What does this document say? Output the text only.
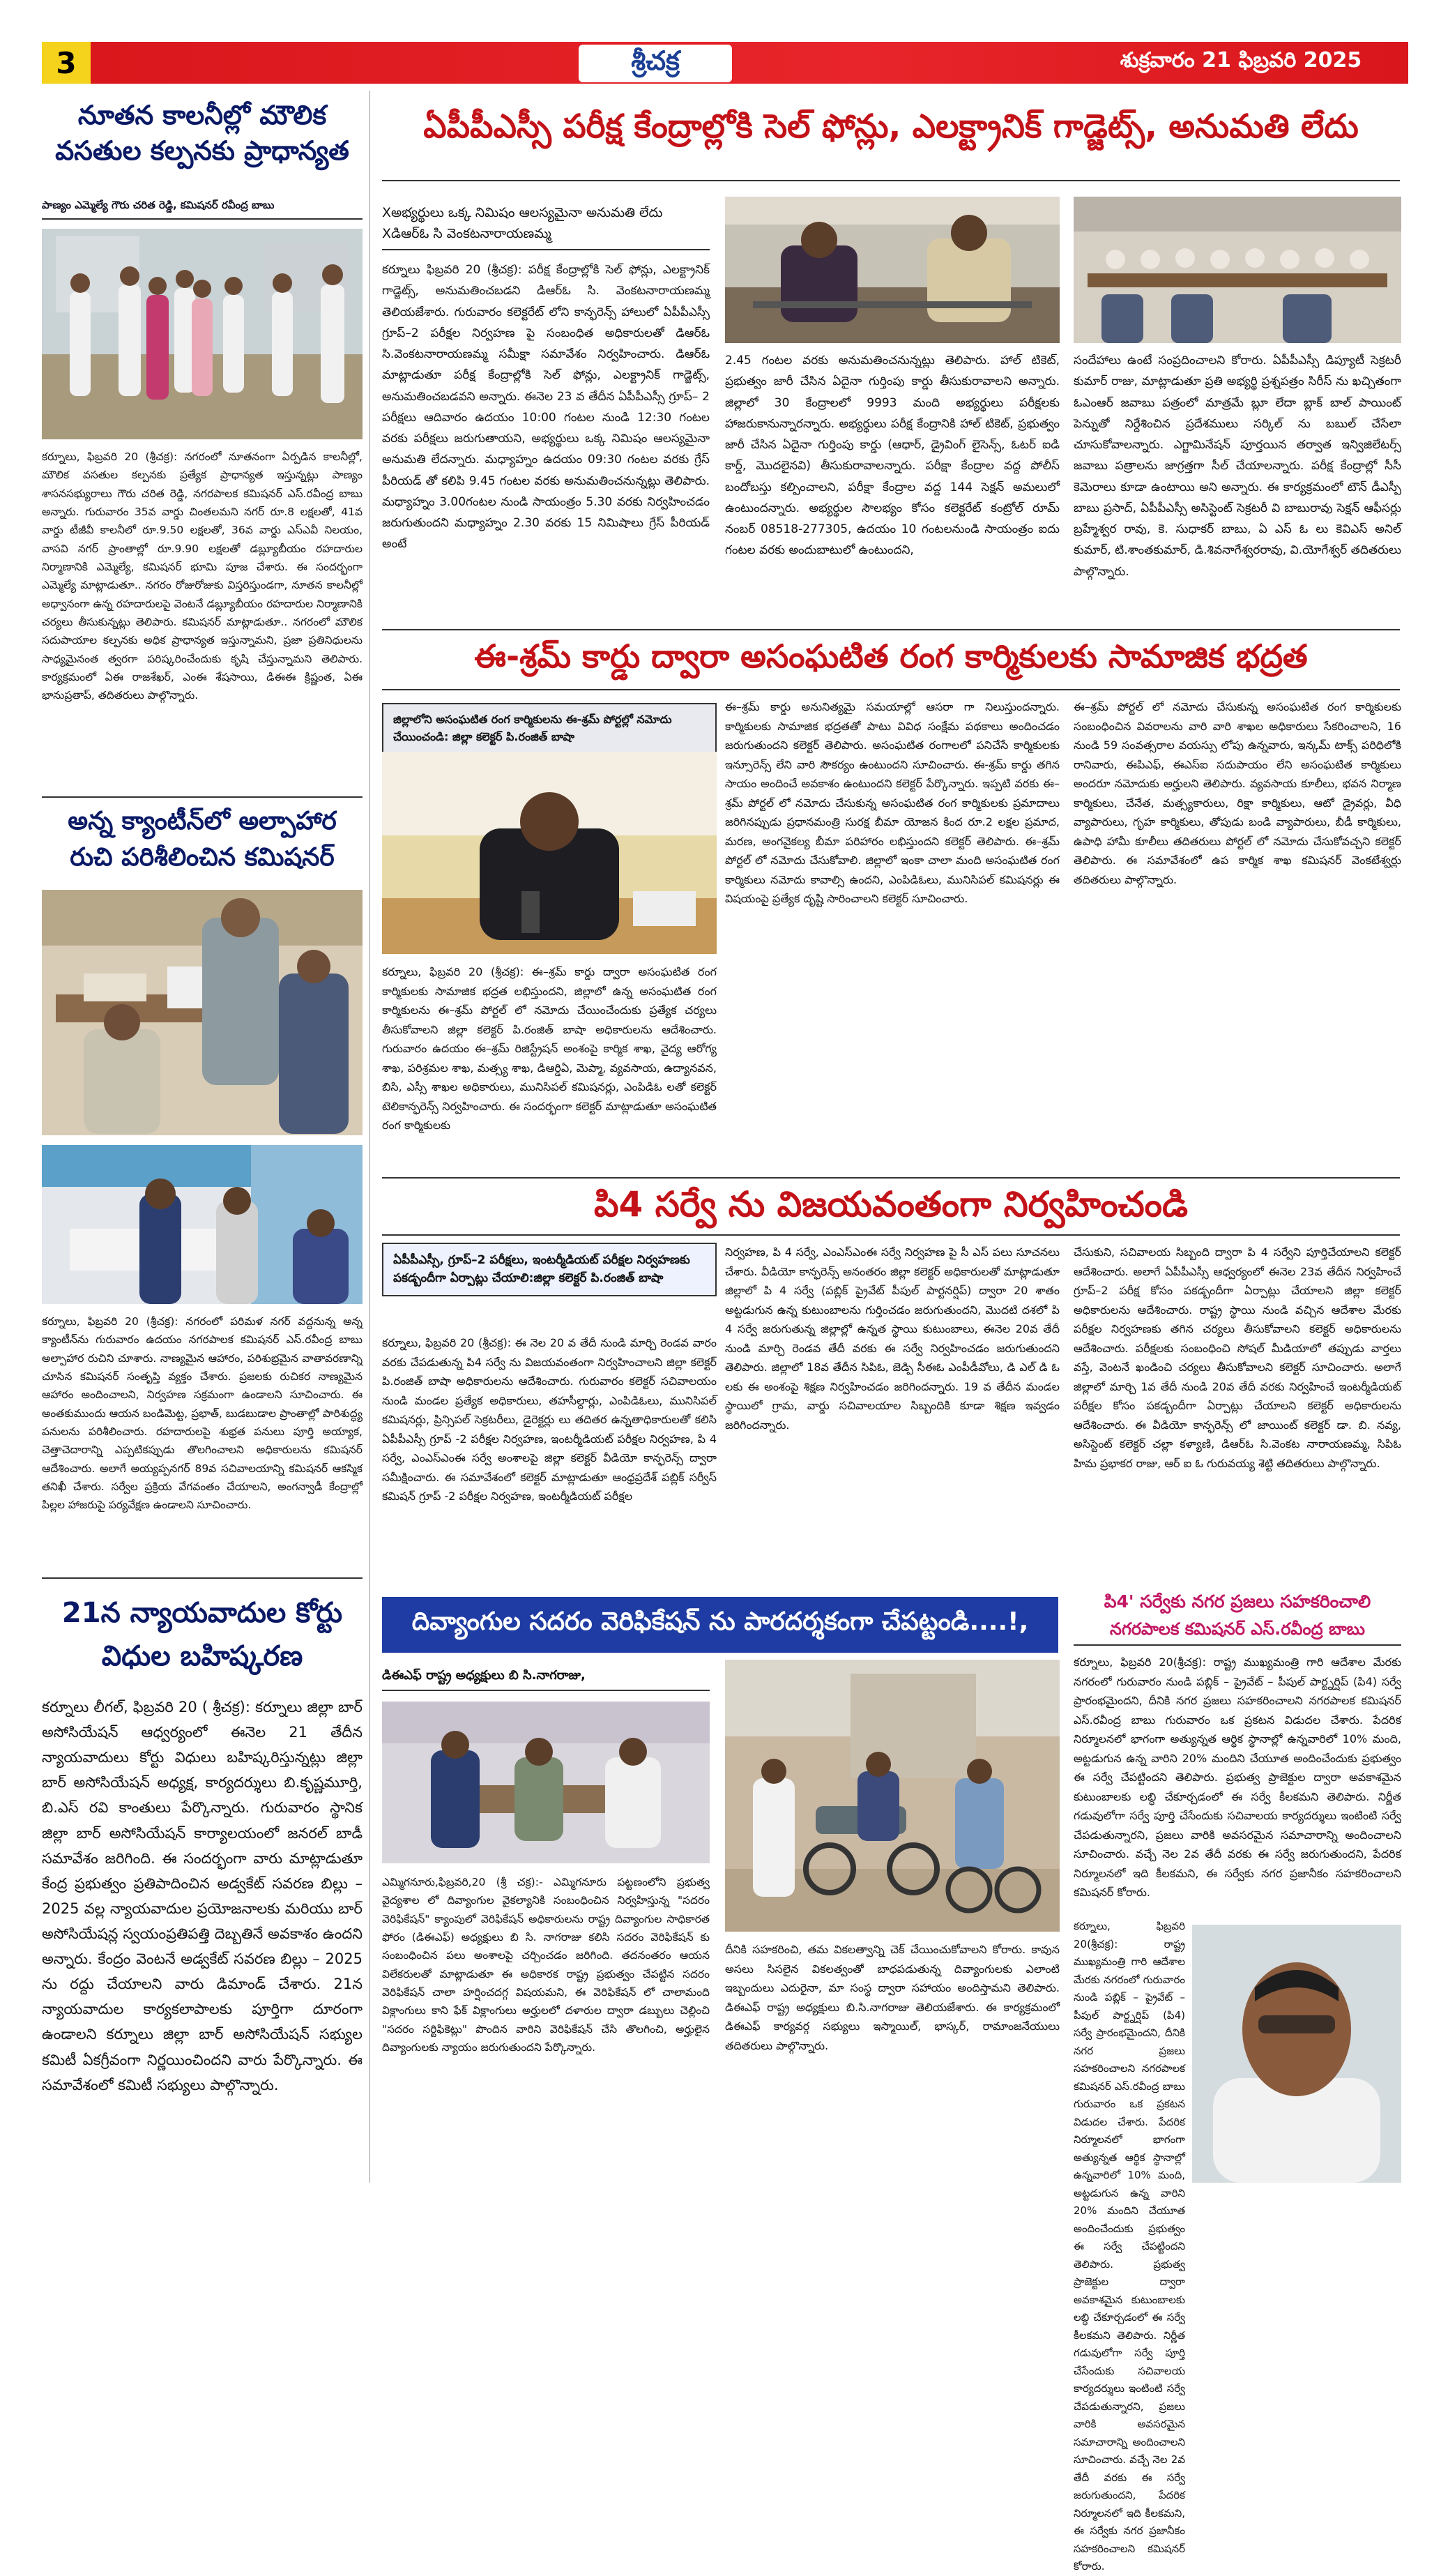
3	శ్రీచక్ర	శుక్రవారం 21 ఫిబ్రవరి 2025
నూతన కాలనీల్లో మౌలిక వసతుల కల్పనకు ప్రాధాన్యత
పాణ్యం ఎమ్మెల్యే గౌరు చరిత రెడ్డి, కమిషనర్ రవీంద్ర బాబు
కర్నూలు, ఫిబ్రవరి 20 (శ్రీచక్ర): నగరంలో నూతనంగా ఏర్పడిన కాలనీల్లో, మౌలిక వసతుల కల్పనకు ప్రత్యేక ప్రాధాన్యత ఇస్తున్నట్లు పాణ్యం శాసనసభ్యురాలు గౌరు చరిత రెడ్డి, నగరపాలక కమిషనర్ ఎస్.రవీంద్ర బాబు అన్నారు. గురువారం 35వ వార్డు చింతలమని నగర్ రూ.8 లక్షలతో, 41వ వార్డు టీజీవీ కాలనీలో రూ.9.50 లక్షలతో, 36వ వార్డు ఎస్ఎవీ నిలయం, వాసవి నగర్ ప్రాంతాల్లో రూ.9.90 లక్షలతో డబ్ల్యూబీయం రహదారుల నిర్మాణానికి ఎమ్మెల్యే, కమిషనర్ భూమి పూజ చేశారు. ఈ సందర్భంగా ఎమ్మెల్యే మాట్లాడుతూ.. నగరం రోజురోజుకు విస్తరిస్తుండగా, నూతన కాలనీల్లో అధ్వానంగా ఉన్న రహదారులపై వెంటనే డబ్ల్యూబీయం రహదారుల నిర్మాణానికి చర్యలు తీసుకున్నట్లు తెలిపారు. కమిషనర్ మాట్లాడుతూ.. నగరంలో మౌలిక సదుపాయాల కల్పనకు అధిక ప్రాధాన్యత ఇస్తున్నామని, ప్రజా ప్రతినిధులను సాధ్యమైనంత త్వరగా పరిష్కరించేందుకు కృషి చేస్తున్నామని తెలిపారు. కార్యక్రమంలో ఏఈ రాజశేఖర్, ఎంఈ శేషసాయి, డిఈఈ క్రిష్ణంత, ఏఈ భానుప్రతాప్, తదితరులు పాల్గొన్నారు.
అన్న క్యాంటీన్‌లో అల్పాహార రుచి పరిశీలించిన కమిషనర్
కర్నూలు, ఫిబ్రవరి 20 (శ్రీచక్ర): నగరంలో పరిమళ నగర్ వద్దనున్న అన్న క్యాంటీన్‌ను గురువారం ఉదయం నగరపాలక కమిషనర్ ఎస్.రవీంద్ర బాబు అల్పాహార రుచిని చూశారు. నాణ్యమైన ఆహారం, పరిశుభ్రమైన వాతావరణాన్ని చూసిన కమిషనర్ సంతృప్తి వ్యక్తం చేశారు. ప్రజలకు రుచికర నాణ్యమైన ఆహారం అందించాలని, నిర్వహణ సక్రమంగా ఉండాలని సూచించారు. ఈ అంతకుముందు ఆయన బండిమెట్ట, ప్రభాత్, బుడబుడాల ప్రాంతాల్లో పారిశుద్ధ్య పనులను పరిశీలించారు. రహదారులపై శుభ్రత పనులు పూర్తి అయ్యాక, చెత్తాచెదారాన్ని ఎప్పటికప్పుడు తొలగించాలని అధికారులను కమిషనర్ ఆదేశించారు. అలాగే అయ్యప్పనగర్ 89వ సచివాలయాన్ని కమిషనర్ ఆకస్మిక తనిఖీ చేశారు. సర్వేల ప్రక్రియ వేగవంతం చేయాలని, అంగన్వాడీ కేంద్రాల్లో పిల్లల హాజరుపై పర్యవేక్షణ ఉండాలని సూచించారు.
21న న్యాయవాదుల కోర్టు విధుల బహిష్కరణ
కర్నూలు లీగల్, ఫిబ్రవరి 20 ( శ్రీచక్ర): కర్నూలు జిల్లా బార్ అసోసియేషన్ ఆధ్వర్యంలో ఈనెల 21 తేదీన న్యాయవాదులు కోర్టు విధులు బహిష్కరిస్తున్నట్లు జిల్లా బార్ అసోసియేషన్ అధ్యక్ష, కార్యదర్శులు బి.కృష్ణమూర్తి, బి.ఎస్ రవి కాంతులు పేర్కొన్నారు. గురువారం స్థానిక జిల్లా బార్ అసోసియేషన్ కార్యాలయంలో జనరల్ బాడీ సమావేశం జరిగింది. ఈ సందర్భంగా వారు మాట్లాడుతూ కేంద్ర ప్రభుత్వం ప్రతిపాదించిన అడ్వకేట్ సవరణ బిల్లు – 2025 వల్ల న్యాయవాదుల ప్రయోజనాలకు మరియు బార్ అసోసియేషన్ల స్వయంప్రతిపత్తి దెబ్బతినే అవకాశం ఉందని అన్నారు. కేంద్రం వెంటనే అడ్వకేట్ సవరణ బిల్లు – 2025 ను రద్దు చేయాలని వారు డిమాండ్ చేశారు. 21న న్యాయవాదుల కార్యకలాపాలకు పూర్తిగా దూరంగా ఉండాలని కర్నూలు జిల్లా బార్ అసోసియేషన్ సభ్యుల కమిటీ ఏకగ్రీవంగా నిర్ణయించిందని వారు పేర్కొన్నారు. ఈ సమావేశంలో కమిటీ సభ్యులు పాల్గొన్నారు.
ఏపీపీఎస్సీ పరీక్ష కేంద్రాల్లోకి సెల్ ఫోన్లు, ఎలక్ట్రానిక్ గాడ్జెట్స్, అనుమతి లేదు
Xఅభ్యర్థులు ఒక్క నిమిషం ఆలస్యమైనా అనుమతి లేదు
Xడిఆర్ఓ సి వెంకటనారాయణమ్మ
కర్నూలు ఫిబ్రవరి 20 (శ్రీచక్ర): పరీక్ష కేంద్రాల్లోకి సెల్ ఫోన్లు, ఎలక్ట్రానిక్ గాడ్జెట్స్, అనుమతించబడని డిఆర్ఓ సి. వెంకటనారాయణమ్మ తెలియజేశారు. గురువారం కలెక్టరేట్ లోని కాన్ఫరెన్స్ హాలులో ఏపీపీఎస్సీ గ్రూప్–2 పరీక్షల నిర్వహణ పై సంబంధిత అధికారులతో డిఆర్ఓ సి.వెంకటనారాయణమ్మ సమీక్షా సమావేశం నిర్వహించారు. డిఆర్ఓ మాట్లాడుతూ పరీక్ష కేంద్రాల్లోకి సెల్ ఫోన్లు, ఎలక్ట్రానిక్ గాడ్జెట్స్, అనుమతించబడవని అన్నారు. ఈనెల 23 వ తేదీన ఏపీపీఎస్సీ గ్రూప్– 2 పరీక్షలు ఆదివారం ఉదయం 10:00 గంటల నుండి 12:30 గంటల వరకు పరీక్షలు జరుగుతాయని, అభ్యర్థులు ఒక్క నిమిషం ఆలస్యమైనా అనుమతి లేదన్నారు. మధ్యాహ్నం ఉదయం 09:30 గంటల వరకు గ్రేస్ పీరియడ్ తో కలిపి 9.45 గంటల వరకు అనుమతించనున్నట్లు తెలిపారు. మధ్యాహ్నం 3.00గంటల నుండి సాయంత్రం 5.30 వరకు నిర్వహించడం జరుగుతుందని మధ్యాహ్నం 2.30 వరకు 15 నిమిషాలు గ్రేస్ పీరియడ్ అంటే
2.45 గంటల వరకు అనుమతించనున్నట్లు తెలిపారు. హాల్ టికెట్, ప్రభుత్వం జారీ చేసిన ఏదైనా గుర్తింపు కార్డు తీసుకురావాలని అన్నారు. జిల్లాలో 30 కేంద్రాలలో 9993 మంది అభ్యర్థులు పరీక్షలకు హాజరుకానున్నారన్నారు. అభ్యర్థులు పరీక్ష కేంద్రానికి హాల్ టికెట్, ప్రభుత్వం జారీ చేసిన ఏదైనా గుర్తింపు కార్డు (ఆధార్, డ్రైవింగ్ లైసెన్స్, ఓటర్ ఐడి కార్డ్, మొదలైనవి) తీసుకురావాలన్నారు. పరీక్షా కేంద్రాల వద్ద పోలీస్ బందోబస్తు కల్పించాలని, పరీక్షా కేంద్రాల వద్ద 144 సెక్షన్ అమలులో ఉంటుందన్నారు. అభ్యర్థుల సౌలభ్యం కోసం కలెక్టరేట్ కంట్రోల్ రూమ్ నంబర్ 08518-277305, ఉదయం 10 గంటలనుండి సాయంత్రం ఐదు గంటల వరకు అందుబాటులో ఉంటుందని,
సందేహాలు ఉంటే సంప్రదించాలని కోరారు. ఏపీపీఎస్సీ డిప్యూటీ సెక్రటరీ కుమార్ రాజు, మాట్లాడుతూ ప్రతి అభ్యర్థి ప్రశ్నపత్రం సిరీస్ ను ఖచ్చితంగా ఓఎంఆర్ జవాబు పత్రంలో మాత్రమే బ్లూ లేదా బ్లాక్ బాల్ పాయింట్ పెన్నుతో నిర్దేశించిన ప్రదేశములు సర్కిల్ ను బబుల్ చేసేలా చూసుకోవాలన్నారు. ఎగ్జామినేషన్ పూర్తయిన తర్వాత ఇన్విజిలేటర్స్ జవాబు పత్రాలను జాగ్రత్తగా సీల్ చేయాలన్నారు. పరీక్ష కేంద్రాల్లో సీసీ కెమెరాలు కూడా ఉంటాయి అని అన్నారు. ఈ కార్యక్రమంలో టౌన్ డీఎస్పీ బాబు ప్రసాద్, ఏపీపీఎస్సీ అసిస్టెంట్ సెక్రటరీ వి బాబురావు సెక్షన్ ఆఫీసర్లు బ్రహ్మేశ్వర రావు, కె. సుధాకర్ బాబు, ఏ ఎస్ ఓ లు కెవిఎస్ అనిల్ కుమార్, టి.శాంతకుమార్, డి.శివనాగేశ్వరరావు, వి.యోగేశ్వర్ తదితరులు పాల్గొన్నారు.
ఈ-శ్రమ్ కార్డు ద్వారా అసంఘటిత రంగ కార్మికులకు సామాజిక భద్రత
జిల్లాలోని అసంఘటిత రంగ కార్మికులను ఈ-శ్రమ్ పోర్టల్లో నమోదు చేయించండి: జిల్లా కలెక్టర్ పి.రంజిత్ బాషా
కర్నూలు, ఫిబ్రవరి 20 (శ్రీచక్ర): ఈ–శ్రమ్ కార్డు ద్వారా అసంఘటిత రంగ కార్మికులకు సామాజిక భద్రత లభిస్తుందని, జిల్లాలో ఉన్న అసంఘటిత రంగ కార్మికులను ఈ–శ్రమ్ పోర్టల్ లో నమోదు చేయించేందుకు ప్రత్యేక చర్యలు తీసుకోవాలని జిల్లా కలెక్టర్ పి.రంజిత్ బాషా అధికారులను ఆదేశించారు. గురువారం ఉదయం ఈ–శ్రమ్ రిజిస్ట్రేషన్ అంశంపై కార్మిక శాఖ, వైద్య ఆరోగ్య శాఖ, పరిశ్రమల శాఖ, మత్స్య శాఖ, డిఆర్డిఏ, మెప్మా, వ్యవసాయ, ఉద్యానవన, బిసి, ఎస్సీ శాఖల అధికారులు, మునిసిపల్ కమిషనర్లు, ఎంపిడిఓ లతో కలెక్టర్ టెలికాన్ఫరెన్స్ నిర్వహించారు. ఈ సందర్భంగా కలెక్టర్ మాట్లాడుతూ అసంఘటిత రంగ కార్మికులకు
ఈ–శ్రమ్ కార్డు అనునిత్యమై సమయాల్లో ఆసరా గా నిలుస్తుందన్నారు. కార్మికులకు సామాజిక భద్రతతో పాటు వివిధ సంక్షేమ పథకాలు అందించడం జరుగుతుందని కలెక్టర్ తెలిపారు. అసంఘటిత రంగాలలో పనిచేసే కార్మికులకు ఇన్సూరెన్స్ లేని వారి సౌకర్యం ఉంటుందని సూచించారు. ఈ-శ్రమ్ కార్డు తగిన సాయం అందించే అవకాశం ఉంటుందని కలెక్టర్ పేర్కొన్నారు. ఇప్పటి వరకు ఈ–శ్రమ్ పోర్టల్ లో నమోదు చేసుకున్న అసంఘటిత రంగ కార్మికులకు ప్రమాదాలు జరిగినప్పుడు ప్రధానమంత్రి సురక్ష బీమా యోజన కింద రూ.2 లక్షల ప్రమాద, మరణ, అంగవైకల్య బీమా పరిహారం లభిస్తుందని కలెక్టర్ తెలిపారు. ఈ–శ్రమ్ పోర్టల్ లో నమోదు చేసుకోవాలి. జిల్లాలో ఇంకా చాలా మంది అసంఘటిత రంగ కార్మికులు నమోదు కావాల్సి ఉందని, ఎంపిడిఓలు, మునిసిపల్ కమిషనర్లు ఈ విషయంపై ప్రత్యేక దృష్టి సారించాలని కలెక్టర్ సూచించారు.
ఈ–శ్రమ్ పోర్టల్ లో నమోదు చేసుకున్న అసంఘటిత రంగ కార్మికులకు సంబంధించిన వివరాలను వారి వారి శాఖల అధికారులు సేకరించాలని, 16 నుండి 59 సంవత్సరాల వయస్సు లోపు ఉన్నవారు, ఇన్కమ్ టాక్స్ పరిధిలోకి రానివారు, ఈపిఎఫ్, ఈఎస్ఐ సదుపాయం లేని అసంఘటిత కార్మికులు అందరూ నమోదుకు అర్హులని తెలిపారు. వ్యవసాయ కూలీలు, భవన నిర్మాణ కార్మికులు, చేనేత, మత్స్యకారులు, రిక్షా కార్మికులు, ఆటో డ్రైవర్లు, వీధి వ్యాపారులు, గృహ కార్మికులు, తోపుడు బండి వ్యాపారులు, బీడీ కార్మికులు, ఉపాధి హామీ కూలీలు తదితరులు పోర్టల్ లో నమోదు చేసుకోవచ్చని కలెక్టర్ తెలిపారు. ఈ సమావేశంలో ఉప కార్మిక శాఖ కమిషనర్ వెంకటేశ్వర్లు తదితరులు పాల్గొన్నారు.
పి4 సర్వే ను విజయవంతంగా నిర్వహించండి
ఏపీపీఎస్సీ, గ్రూప్–2 పరీక్షలు, ఇంటర్మీడియట్ పరీక్షల నిర్వహణకు పకడ్బందీగా ఏర్పాట్లు చేయాలి:జిల్లా కలెక్టర్ పి.రంజిత్ బాషా
కర్నూలు, ఫిబ్రవరి 20 (శ్రీచక్ర): ఈ నెల 20 వ తేదీ నుండి మార్చి రెండవ వారం వరకు చేపడుతున్న పి4 సర్వే ను విజయవంతంగా నిర్వహించాలని జిల్లా కలెక్టర్ పి.రంజిత్ బాషా అధికారులను ఆదేశించారు. గురువారం కలెక్టర్ సచివాలయం నుండి మండల ప్రత్యేక అధికారులు, తహసీల్దార్లు, ఎంపిడిఓలు, మునిసిపల్ కమిషనర్లు, ప్రిన్సిపల్ సెక్రటరీలు, డైరెక్టర్లు లు తదితర ఉన్నతాధికారులతో కలిసి ఏపీపీఎస్సీ గ్రూప్ -2 పరీక్షల నిర్వహణ, ఇంటర్మీడియట్ పరీక్షల నిర్వహణ, పి 4 సర్వే, ఎంఎస్ఎంఈ సర్వే అంశాలపై జిల్లా కలెక్టర్ వీడియో కాన్ఫరెన్స్ ద్వారా సమీక్షించారు. ఈ సమావేశంలో కలెక్టర్ మాట్లాడుతూ ఆంధ్రప్రదేశ్ పబ్లిక్ సర్వీస్ కమిషన్ గ్రూప్ -2 పరీక్షల నిర్వహణ, ఇంటర్మీడియట్ పరీక్షల
నిర్వహణ, పి 4 సర్వే, ఎంఎస్ఎంఈ సర్వే నిర్వహణ పై సీ ఎస్ పలు సూచనలు చేశారు. వీడియో కాన్ఫరెన్స్ అనంతరం జిల్లా కలెక్టర్ అధికారులతో మాట్లాడుతూ జిల్లాలో పి 4 సర్వే (పబ్లిక్ ప్రైవేట్ పీపుల్ పార్టనర్షిప్) ద్వారా 20 శాతం అట్టడుగున ఉన్న కుటుంబాలను గుర్తించడం జరుగుతుందని, మొదటి దశలో పి 4 సర్వే జరుగుతున్న జిల్లాల్లో ఉన్నత స్థాయి కుటుంబాలు, ఈనెల 20వ తేదీ నుండి మార్చి రెండవ తేదీ వరకు ఈ సర్వే నిర్వహించడం జరుగుతుందని తెలిపారు. జిల్లాలో 18వ తేదీన సిపిఓ, జెడ్పి సీఈఓ ఎంపీడీవోలు, డి ఎల్ డి ఓ లకు ఈ అంశంపై శిక్షణ నిర్వహించడం జరిగిందన్నారు. 19 వ తేదీన మండల స్థాయిలో గ్రామ, వార్డు సచివాలయాల సిబ్బందికి కూడా శిక్షణ ఇవ్వడం జరిగిందన్నారు.
చేసుకుని, సచివాలయ సిబ్బంది ద్వారా పి 4 సర్వేని పూర్తిచేయాలని కలెక్టర్ ఆదేశించారు. అలాగే ఏపీపీఎస్సీ ఆధ్వర్యంలో ఈనెల 23వ తేదీన నిర్వహించే గ్రూప్–2 పరీక్ష కోసం పకడ్బందీగా ఏర్పాట్లు చేయాలని జిల్లా కలెక్టర్ అధికారులను ఆదేశించారు. రాష్ట్ర స్థాయి నుండి వచ్చిన ఆదేశాల మేరకు పరీక్షల నిర్వహణకు తగిన చర్యలు తీసుకోవాలని కలెక్టర్ అధికారులను ఆదేశించారు. పరీక్షలకు సంబంధించి సోషల్ మీడియాలో తప్పుడు వార్తలు వస్తే, వెంటనే ఖండించి చర్యలు తీసుకోవాలని కలెక్టర్ సూచించారు. అలాగే జిల్లాలో మార్చి 1వ తేదీ నుండి 20వ తేదీ వరకు నిర్వహించే ఇంటర్మీడియట్ పరీక్షల కోసం పకడ్బందీగా ఏర్పాట్లు చేయాలని కలెక్టర్ అధికారులను ఆదేశించారు. ఈ వీడియో కాన్ఫరెన్స్ లో జాయింట్ కలెక్టర్ డా. బి. నవ్య, అసిస్టెంట్ కలెక్టర్ చల్లా కళ్యాణి, డిఆర్ఓ సి.వెంకట నారాయణమ్మ, సిపిఓ హిమ ప్రభాకర రాజు, ఆర్ ఐ ఓ గురువయ్య శెట్టి తదితరులు పాల్గొన్నారు.
పి4' సర్వేకు నగర ప్రజలు సహకరించాలి
నగరపాలక కమిషనర్ ఎస్.రవీంద్ర బాబు
కర్నూలు, ఫిబ్రవరి 20(శ్రీచక్ర): రాష్ట్ర ముఖ్యమంత్రి గారి ఆదేశాల మేరకు నగరంలో గురువారం నుండి పబ్లిక్ – ప్రైవేట్ – పీపుల్ పార్ట్నర్షిప్ (పి4) సర్వే ప్రారంభమైందని, దీనికి నగర ప్రజలు సహకరించాలని నగరపాలక కమిషనర్ ఎస్.రవీంద్ర బాబు గురువారం ఒక ప్రకటన విడుదల చేశారు. పేదరిక నిర్మూలనలో భాగంగా అత్యున్నత ఆర్థిక స్థానాల్లో ఉన్నవారిలో 10% మంది, అట్టడుగున ఉన్న వారిని 20% మందిని చేయూత అందించేందుకు ప్రభుత్వం ఈ సర్వే చేపట్టిందని తెలిపారు. ప్రభుత్వ ప్రాజెక్టుల ద్వారా అవకాశమైన కుటుంబాలకు లబ్ధి చేకూర్చడంలో ఈ సర్వే కీలకమని తెలిపారు. నిర్ణీత గడువులోగా సర్వే పూర్తి చేసేందుకు సచివాలయ కార్యదర్శులు ఇంటింటి సర్వే చేపడుతున్నారని, ప్రజలు వారికి అవసరమైన సమాచారాన్ని అందించాలని సూచించారు. వచ్చే నెల 2వ తేదీ వరకు ఈ సర్వే జరుగుతుందని, పేదరిక నిర్మూలనలో ఇది కీలకమని, ఈ సర్వేకు నగర ప్రజానీకం సహకరించాలని కమిషనర్ కోరారు.
కర్నూలు, ఫిబ్రవరి 20(శ్రీచక్ర): రాష్ట్ర ముఖ్యమంత్రి గారి ఆదేశాల మేరకు నగరంలో గురువారం నుండి పబ్లిక్ – ప్రైవేట్ – పీపుల్ పార్ట్నర్షిప్ (పి4) సర్వే ప్రారంభమైందని, దీనికి నగర ప్రజలు సహకరించాలని నగరపాలక కమిషనర్ ఎస్.రవీంద్ర బాబు గురువారం ఒక ప్రకటన విడుదల చేశారు. పేదరిక నిర్మూలనలో భాగంగా అత్యున్నత ఆర్థిక స్థానాల్లో ఉన్నవారిలో 10% మంది, అట్టడుగున ఉన్న వారిని 20% మందిని చేయూత అందించేందుకు ప్రభుత్వం ఈ సర్వే చేపట్టిందని తెలిపారు. ప్రభుత్వ ప్రాజెక్టుల ద్వారా అవకాశమైన కుటుంబాలకు లబ్ధి చేకూర్చడంలో ఈ సర్వే కీలకమని తెలిపారు. నిర్ణీత గడువులోగా సర్వే పూర్తి చేసేందుకు సచివాలయ కార్యదర్శులు ఇంటింటి సర్వే చేపడుతున్నారని, ప్రజలు వారికి అవసరమైన సమాచారాన్ని అందించాలని సూచించారు. వచ్చే నెల 2వ తేదీ వరకు ఈ సర్వే జరుగుతుందని, పేదరిక నిర్మూలనలో ఇది కీలకమని, ఈ సర్వేకు నగర ప్రజానీకం సహకరించాలని కమిషనర్ కోరారు.
దివ్యాంగుల సదరం వెరిఫికేషన్ ను పారదర్శకంగా చేపట్టండి....!,
డిఈఎఫ్ రాష్ట్ర అధ్యక్షులు బి సి.నాగరాజు,
ఎమ్మిగనూరు,ఫిబ్రవరి,20 (శ్రీ చక్ర):- ఎమ్మిగనూరు పట్టణంలోని ప్రభుత్వ వైద్యశాల లో దివ్యాంగుల వైకల్యానికి సంబంధించిన నిర్వహిస్తున్న "సదరం వెరిఫికేషన్" క్యాంపులో వెరిఫికేషన్ అధికారులను రాష్ట్ర దివ్యాంగుల సాధికారత ఫోరం (డిఈఎఫ్) అధ్యక్షులు బి సి. నాగరాజు కలిసి సదరం వెరిఫికేషన్ కు సంబంధించిన పలు అంశాలపై చర్చించడం జరిగింది. తదనంతరం ఆయన విలేకరులతో మాట్లాడుతూ ఈ అధికారక రాష్ట్ర ప్రభుత్వం చేపట్టిన సదరం వెరిఫికేషన్ చాలా హర్షించదగ్గ విషయమని, ఈ వెరిఫికేషన్ లో చాలామంది విక్లాంగులు కాని ఫేక్ విక్లాంగులు అర్హులలో దళారుల ద్వారా డబ్బులు చెల్లించి "సదరం సర్టిఫికెట్లు" పొందిన వారిని వెరిఫికేషన్ చేసి తొలగించి, అర్హులైన దివ్యాంగులకు న్యాయం జరుగుతుందని పేర్కొన్నారు.
దీనికి సహకరించి, తమ వికలత్వాన్ని చెక్ చేయించుకోవాలని కోరారు. కావున అసలు సిసలైన వికలత్వంతో బాధపడుతున్న దివ్యాంగులకు ఎలాంటి ఇబ్బందులు ఎదురైనా, మా సంస్థ ద్వారా సహాయం అందిస్తామని తెలిపారు. డిఈఎఫ్ రాష్ట్ర అధ్యక్షులు బి.సి.నాగరాజు తెలియజేశారు. ఈ కార్యక్రమంలో డిఈఎఫ్ కార్యవర్గ సభ్యులు ఇస్మాయిల్, భాస్కర్, రామాంజనేయులు తదితరులు పాల్గొన్నారు.
